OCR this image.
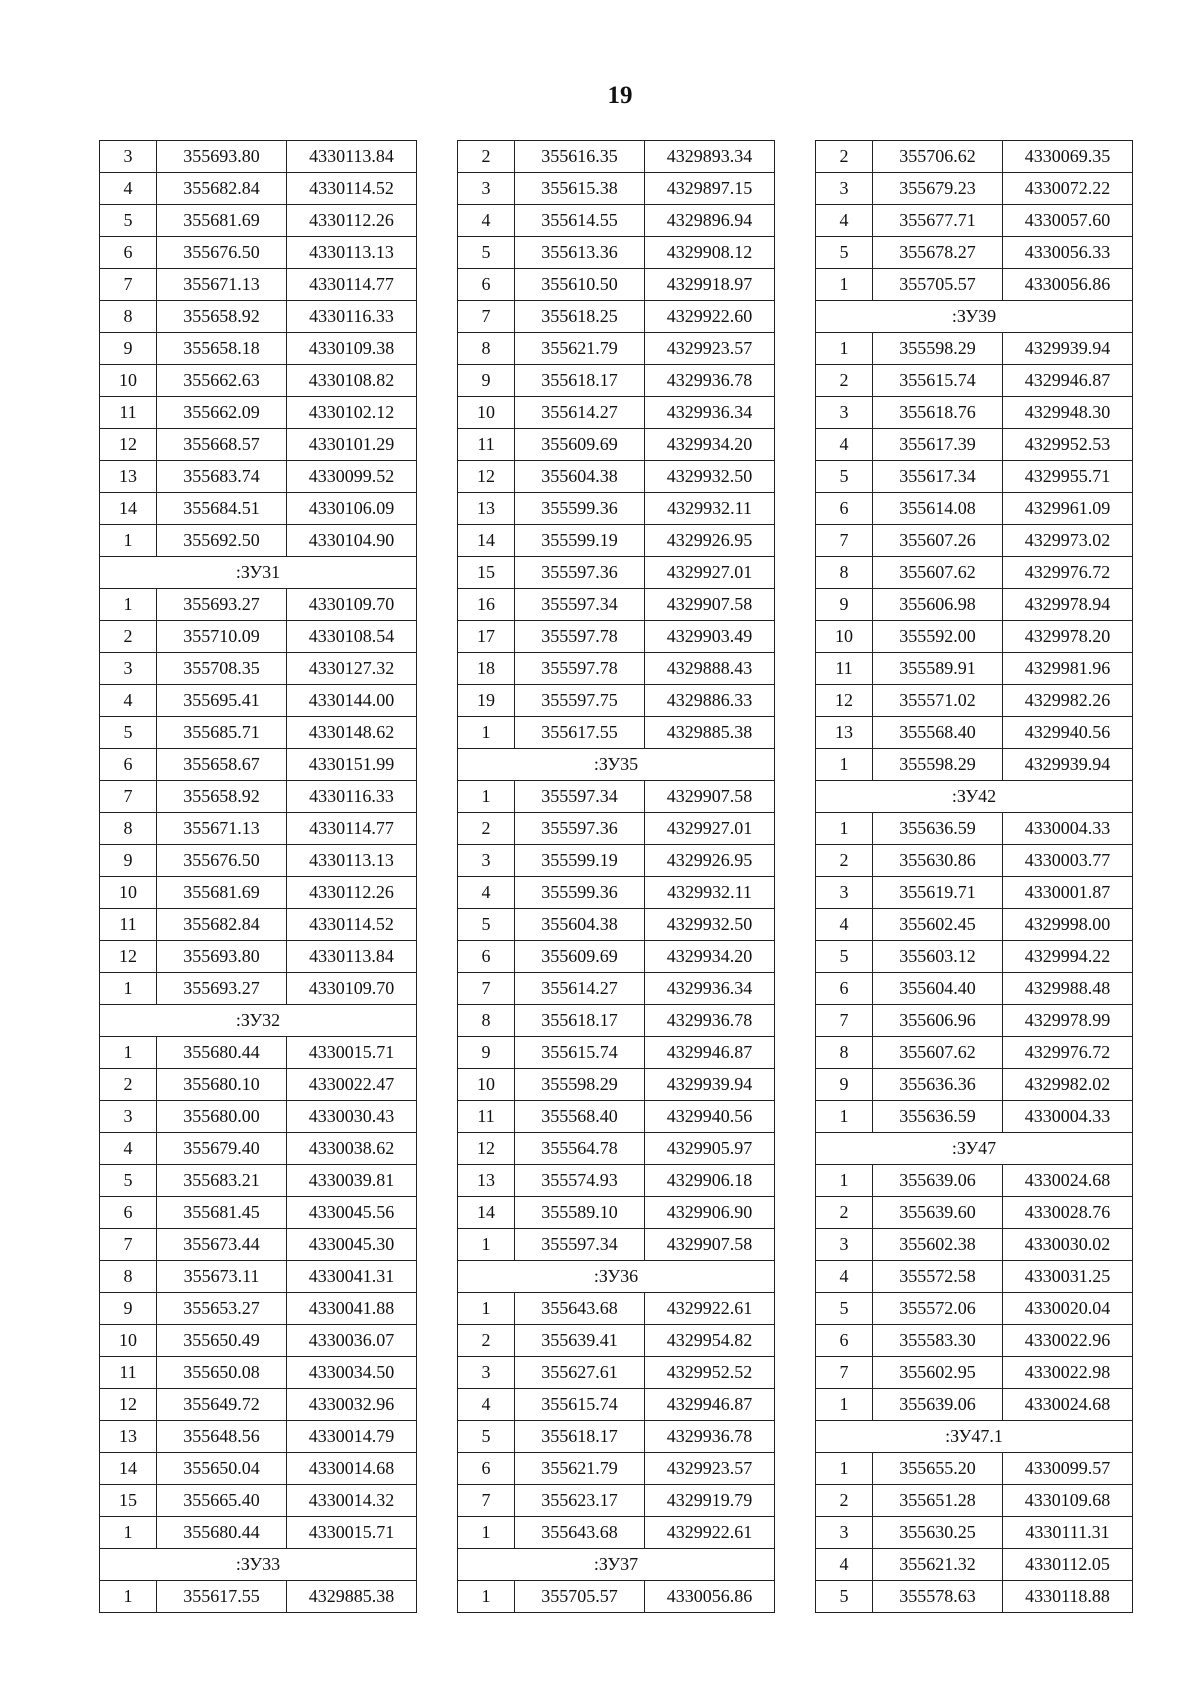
19
3	355693.80	4330113.84
4	355682.84	4330114.52
5	355681.69	4330112.26
6	355676.50	4330113.13
7	355671.13	4330114.77
8	355658.92	4330116.33
9	355658.18	4330109.38
10	355662.63	4330108.82
11	355662.09	4330102.12
12	355668.57	4330101.29
13	355683.74	4330099.52
14	355684.51	4330106.09
1	355692.50	4330104.90
:ЗУ31		
1	355693.27	4330109.70
2	355710.09	4330108.54
3	355708.35	4330127.32
4	355695.41	4330144.00
5	355685.71	4330148.62
6	355658.67	4330151.99
7	355658.92	4330116.33
8	355671.13	4330114.77
9	355676.50	4330113.13
10	355681.69	4330112.26
11	355682.84	4330114.52
12	355693.80	4330113.84
1	355693.27	4330109.70
:ЗУ32		
1	355680.44	4330015.71
2	355680.10	4330022.47
3	355680.00	4330030.43
4	355679.40	4330038.62
5	355683.21	4330039.81
6	355681.45	4330045.56
7	355673.44	4330045.30
8	355673.11	4330041.31
9	355653.27	4330041.88
10	355650.49	4330036.07
11	355650.08	4330034.50
12	355649.72	4330032.96
13	355648.56	4330014.79
14	355650.04	4330014.68
15	355665.40	4330014.32
1	355680.44	4330015.71
:ЗУ33		
1	355617.55	4329885.38
2	355616.35	4329893.34
3	355615.38	4329897.15
4	355614.55	4329896.94
5	355613.36	4329908.12
6	355610.50	4329918.97
7	355618.25	4329922.60
8	355621.79	4329923.57
9	355618.17	4329936.78
10	355614.27	4329936.34
11	355609.69	4329934.20
12	355604.38	4329932.50
13	355599.36	4329932.11
14	355599.19	4329926.95
15	355597.36	4329927.01
16	355597.34	4329907.58
17	355597.78	4329903.49
18	355597.78	4329888.43
19	355597.75	4329886.33
1	355617.55	4329885.38
:ЗУ35		
1	355597.34	4329907.58
2	355597.36	4329927.01
3	355599.19	4329926.95
4	355599.36	4329932.11
5	355604.38	4329932.50
6	355609.69	4329934.20
7	355614.27	4329936.34
8	355618.17	4329936.78
9	355615.74	4329946.87
10	355598.29	4329939.94
11	355568.40	4329940.56
12	355564.78	4329905.97
13	355574.93	4329906.18
14	355589.10	4329906.90
1	355597.34	4329907.58
:ЗУ36		
1	355643.68	4329922.61
2	355639.41	4329954.82
3	355627.61	4329952.52
4	355615.74	4329946.87
5	355618.17	4329936.78
6	355621.79	4329923.57
7	355623.17	4329919.79
1	355643.68	4329922.61
:ЗУ37		
1	355705.57	4330056.86
2	355706.62	4330069.35
3	355679.23	4330072.22
4	355677.71	4330057.60
5	355678.27	4330056.33
1	355705.57	4330056.86
:ЗУ39		
1	355598.29	4329939.94
2	355615.74	4329946.87
3	355618.76	4329948.30
4	355617.39	4329952.53
5	355617.34	4329955.71
6	355614.08	4329961.09
7	355607.26	4329973.02
8	355607.62	4329976.72
9	355606.98	4329978.94
10	355592.00	4329978.20
11	355589.91	4329981.96
12	355571.02	4329982.26
13	355568.40	4329940.56
1	355598.29	4329939.94
:ЗУ42		
1	355636.59	4330004.33
2	355630.86	4330003.77
3	355619.71	4330001.87
4	355602.45	4329998.00
5	355603.12	4329994.22
6	355604.40	4329988.48
7	355606.96	4329978.99
8	355607.62	4329976.72
9	355636.36	4329982.02
1	355636.59	4330004.33
:ЗУ47		
1	355639.06	4330024.68
2	355639.60	4330028.76
3	355602.38	4330030.02
4	355572.58	4330031.25
5	355572.06	4330020.04
6	355583.30	4330022.96
7	355602.95	4330022.98
1	355639.06	4330024.68
:ЗУ47.1		
1	355655.20	4330099.57
2	355651.28	4330109.68
3	355630.25	4330111.31
4	355621.32	4330112.05
5	355578.63	4330118.88
